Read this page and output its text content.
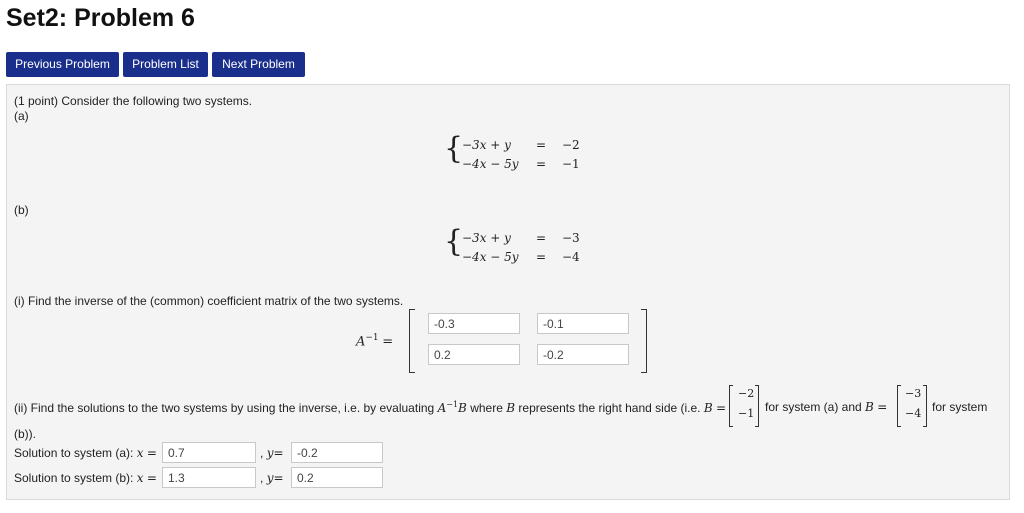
Set2: Problem 6
Previous Problem	Problem List	Next Problem
(1 point) Consider the following two systems.
(a)
{
−3x + y = −2
−4x − 5y = −1
(b)
{
−3x + y = −3
−4x − 5y = −4
(i) Find the inverse of the (common) coefficient matrix of the two systems.
$A^{-1}$ =
-0.3	-0.1
0.2	-0.2
(ii) Find the solutions to the two systems by using the inverse, i.e. by evaluating $A^{-1}B$ where B represents the right hand side (i.e. B =
−2
−1 for system (a) and B =
−3
−4 for system
(b)).
Solution to system (a): x = 0.7	, y=	-0.2
Solution to system (b): x = 1.3	, y=	0.2
